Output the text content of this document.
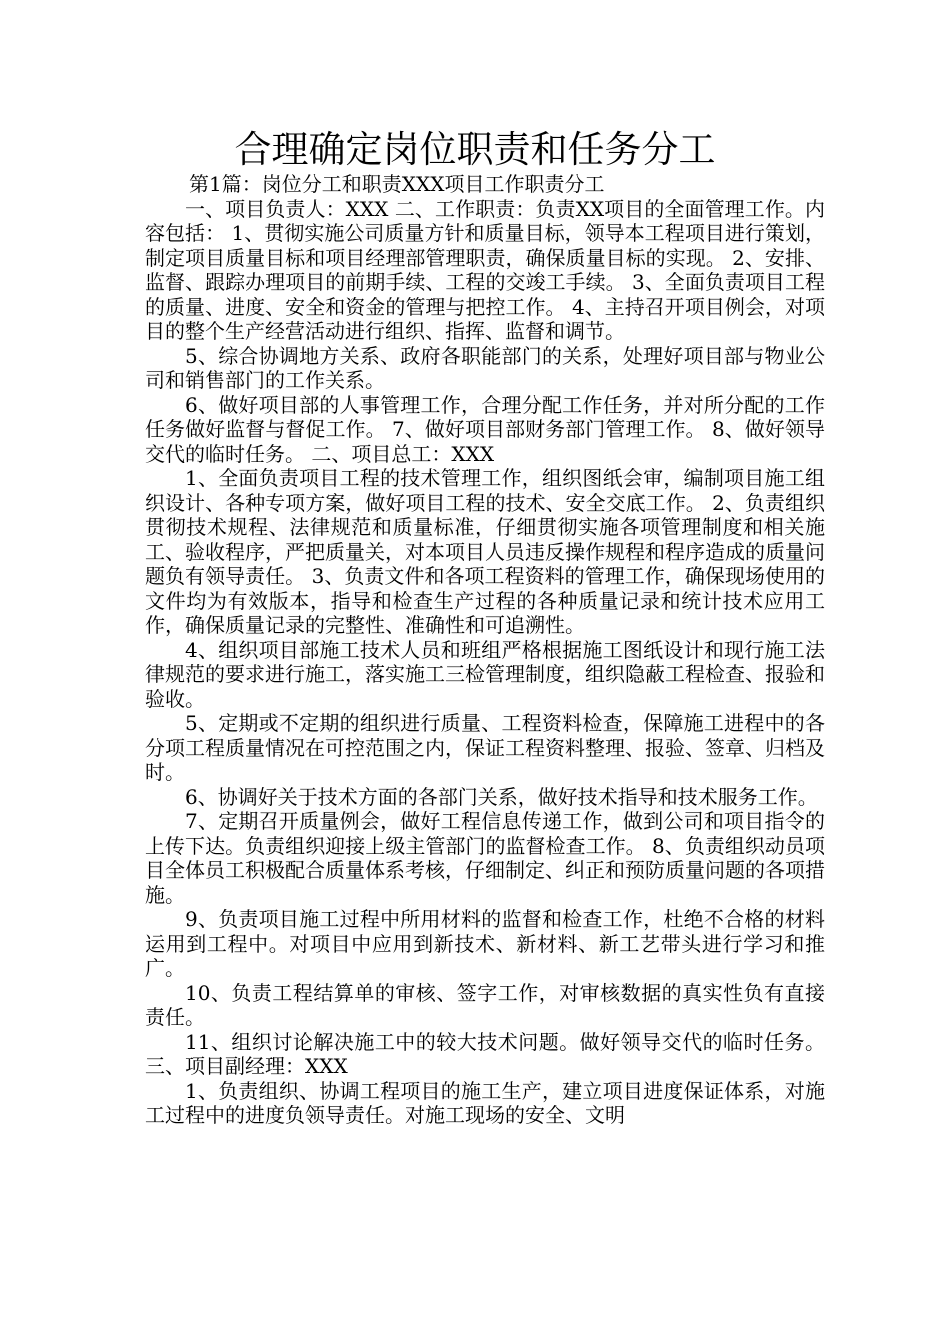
合理确定岗位职责和任务分工

第1篇：岗位分工和职责XXX项目工作职责分工

一、项目负责人：XXX 二、工作职责：负责XX项目的全面管理工作。内容包括： 1、贯彻实施公司质量方针和质量目标，领导本工程项目进行策划，制定项目质量目标和项目经理部管理职责，确保质量目标的实现。 2、安排、监督、跟踪办理项目的前期手续、工程的交竣工手续。 3、全面负责项目工程的质量、进度、安全和资金的管理与把控工作。 4、主持召开项目例会，对项目的整个生产经营活动进行组织、指挥、监督和调节。

5、综合协调地方关系、政府各职能部门的关系，处理好项目部与物业公司和销售部门的工作关系。

6、做好项目部的人事管理工作，合理分配工作任务，并对所分配的工作任务做好监督与督促工作。 7、做好项目部财务部门管理工作。 8、做好领导交代的临时任务。 二、项目总工：XXX

1、全面负责项目工程的技术管理工作，组织图纸会审，编制项目施工组织设计、各种专项方案，做好项目工程的技术、安全交底工作。 2、负责组织贯彻技术规程、法律规范和质量标准，仔细贯彻实施各项管理制度和相关施工、验收程序，严把质量关，对本项目人员违反操作规程和程序造成的质量问题负有领导责任。 3、负责文件和各项工程资料的管理工作，确保现场使用的文件均为有效版本，指导和检查生产过程的各种质量记录和统计技术应用工作，确保质量记录的完整性、准确性和可追溯性。

4、组织项目部施工技术人员和班组严格根据施工图纸设计和现行施工法律规范的要求进行施工，落实施工三检管理制度，组织隐蔽工程检查、报验和验收。

5、定期或不定期的组织进行质量、工程资料检查，保障施工进程中的各分项工程质量情况在可控范围之内，保证工程资料整理、报验、签章、归档及时。

6、协调好关于技术方面的各部门关系，做好技术指导和技术服务工作。

7、定期召开质量例会，做好工程信息传递工作，做到公司和项目指令的上传下达。负责组织迎接上级主管部门的监督检查工作。 8、负责组织动员项目全体员工积极配合质量体系考核，仔细制定、纠正和预防质量问题的各项措施。

9、负责项目施工过程中所用材料的监督和检查工作，杜绝不合格的材料运用到工程中。对项目中应用到新技术、新材料、新工艺带头进行学习和推广。

10、负责工程结算单的审核、签字工作，对审核数据的真实性负有直接责任。

11、组织讨论解决施工中的较大技术问题。做好领导交代的临时任务。 三、项目副经理：XXX

1、负责组织、协调工程项目的施工生产，建立项目进度保证体系，对施工过程中的进度负领导责任。对施工现场的安全、文明
